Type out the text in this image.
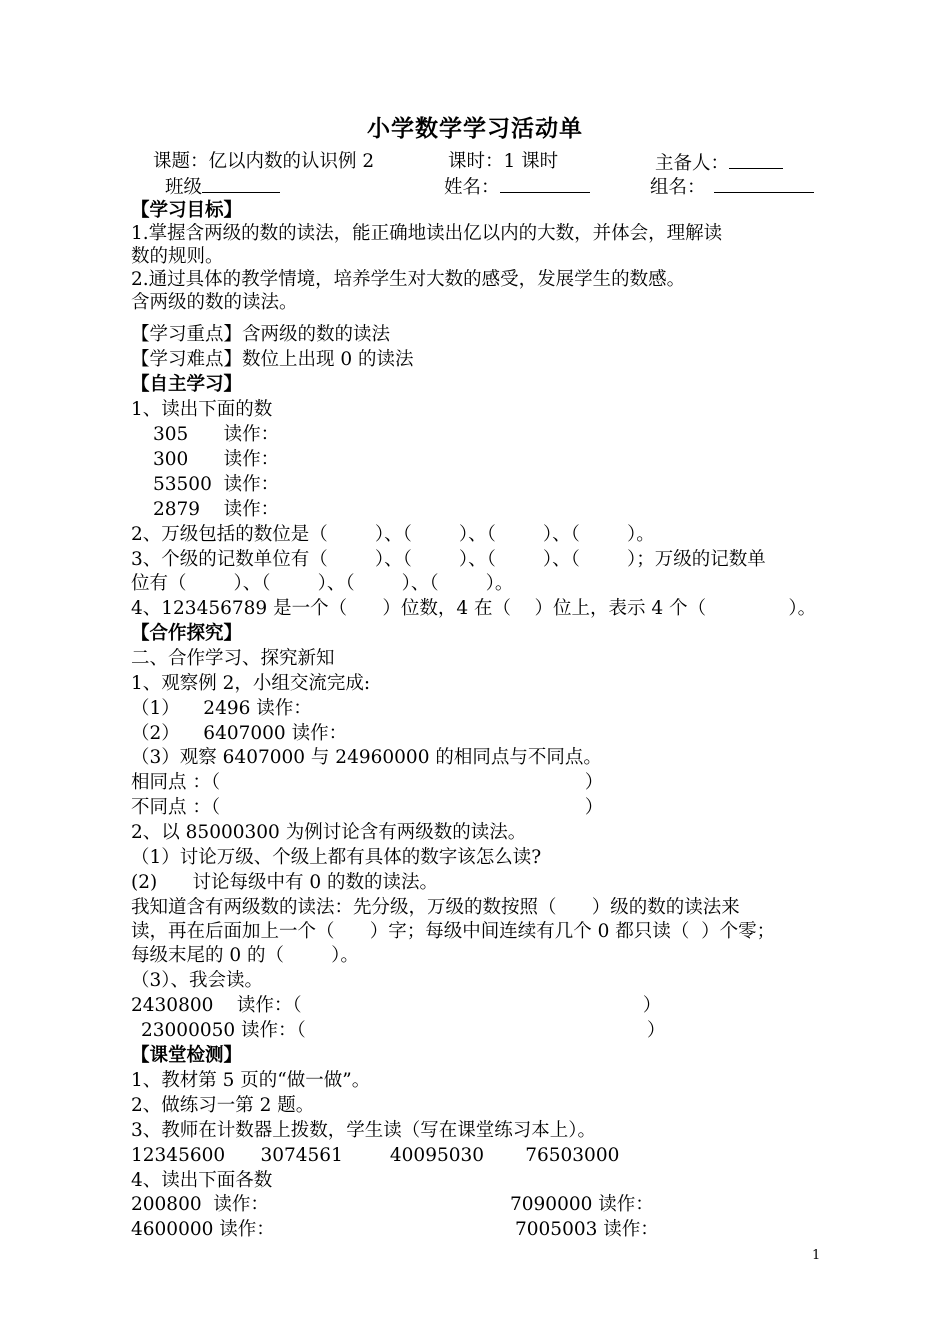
小学数学学习活动单
课题：亿以内数的认识例 2	课时：1 课时	主备人：
班级	姓名：	组名：
【学习目标】
1.掌握含两级的数的读法，能正确地读出亿以内的大数，并体会，理解读
数的规则。
2.通过具体的教学情境，培养学生对大数的感受，发展学生的数感。
含两级的数的读法。
【学习重点】含两级的数的读法
【学习难点】数位上出现 0 的读法
【自主学习】
1、读出下面的数
305      读作：
300      读作：
53500  读作：
2879    读作：
2、万级包括的数位是（        ）、（        ）、（        ）、（        ）。
3、个级的记数单位有（        ）、（        ）、（        ）、（        ）；万级的记数单
位有（        ）、（        ）、（        ）、（        ）。
4、123456789 是一个（      ）位数，4 在（    ）位上，表示 4 个（              ）。
【合作探究】
二、合作学习、探究新知
1、观察例 2，小组交流完成:
（1）    2496 读作：
（2）    6407000 读作：
（3）观察 6407000 与 24960000 的相同点与不同点。
相同点 ：（                                                              ）
不同点 ：（                                                              ）
2、以 85000300 为例讨论含有两级数的读法。
（1）讨论万级、个级上都有具体的数字该怎么读?
(2)      讨论每级中有 0 的数的读法。
我知道含有两级数的读法：先分级，万级的数按照（      ）级的数的读法来
读，再在后面加上一个（      ）字；每级中间连续有几个 0 都只读（  ）个零；
每级末尾的 0 的（        ）。
（3）、我会读。
2430800    读作：（                                                          ）
23000050 读作：（                                                          ）
【课堂检测】
1、教材第 5 页的“做一做”。
2、做练习一第 2 题。
3、教师在计数器上拨数，学生读（写在课堂练习本上）。
12345600      3074561        40095030       76503000
4、读出下面各数
200800  读作：	7090000 读作：
4600000 读作：	7005003 读作：
1
